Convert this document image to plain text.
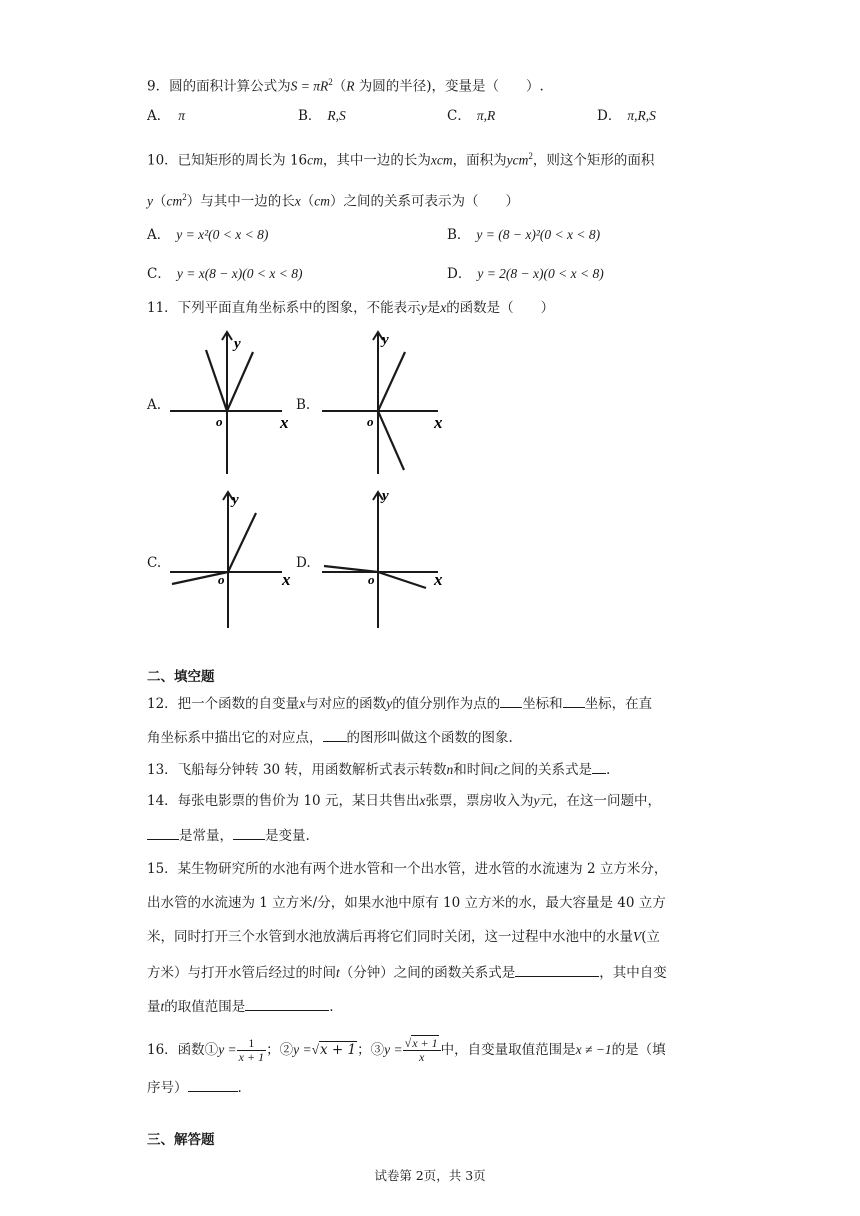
9．圆的面积计算公式为$S = \pi R^2(R$ 为圆的半径)，变量是（　　）.
A． π	B． R,S	C． π,R	D． π,R,S
10．已知矩形的周长为 16cm，其中一边的长为xcm，面积为ycm$^2$，则这个矩形的面积
$y(cm^2)$与其中一边的长x（cm）之间的关系可表示为（　　）
A． y = x²(0 < x < 8)	B． y = (8 − x)²(0 < x < 8)
C． y = x(8 − x)(0 < x < 8)	D． y = 2(8 − x)(0 < x < 8)
11．下列平面直角坐标系中的图象，不能表示y是x的函数是（　　）
A.	B.
C.	D.
y
x
o
y
x
o
y
x
o
y
x
o
二、填空题
12．把一个函数的自变量x与对应的函数y的值分别作为点的 坐标和 坐标，在直
角坐标系中描出它的对应点， 的图形叫做这个函数的图象.
13．飞船每分钟转 30 转，用函数解析式表示转数n和时间t之间的关系式是 .
14．每张电影票的售价为 10 元，某日共售出x张票，票房收入为y元，在这一问题中，
是常量， 是变量.
15．某生物研究所的水池有两个进水管和一个出水管，进水管的水流速为 2 立方米分，
出水管的水流速为 1 立方米/分，如果水池中原有 10 立方米的水，最大容量是 40 立方
米，同时打开三个水管到水池放满后再将它们同时关闭，这一过程中水池中的水量V(立
方米）与打开水管后经过的时间t（分钟）之间的函数关系式是	，其中自变
量t的取值范围是	.
16．函数①y = $\frac{1}{x + 1}$ ；②y =√x + 1；③y = $\frac{√x + 1}{x}$ 中，自变量取值范围是x ≠ −1的是（填
序号）	.
三、解答题
试卷第 2页，共 3页
